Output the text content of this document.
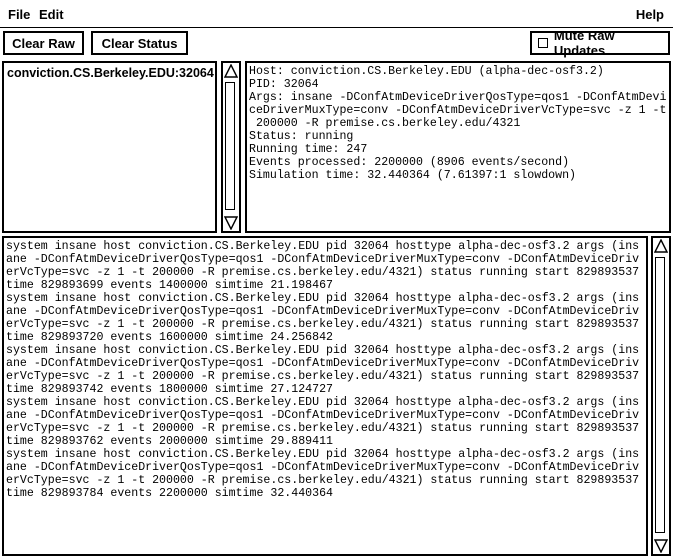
File Edit	Help
Clear Raw	Clear Status	Mute Raw Updates
conviction.CS.Berkeley.EDU:32064	Host: conviction.CS.Berkeley.EDU (alpha-dec-osf3.2)
PID: 32064
Args: insane -DConfAtmDeviceDriverQosType=qos1 -DConfAtmDevi
ceDriverMuxType=conv -DConfAtmDeviceDriverVcType=svc -z 1 -t
200000 -R premise.cs.berkeley.edu/4321
Status: running
Running time: 247
Events processed: 2200000 (8906 events/second)
Simulation time: 32.440364 (7.61397:1 slowdown)
system insane host conviction.CS.Berkeley.EDU pid 32064 hosttype alpha-dec-osf3.2 args (ins
ane -DConfAtmDeviceDriverQosType=qos1 -DConfAtmDeviceDriverMuxType=conv -DConfAtmDeviceDriv
erVcType=svc -z 1 -t 200000 -R premise.cs.berkeley.edu/4321) status running start 829893537
time 829893699 events 1400000 simtime 21.198467
system insane host conviction.CS.Berkeley.EDU pid 32064 hosttype alpha-dec-osf3.2 args (ins
ane -DConfAtmDeviceDriverQosType=qos1 -DConfAtmDeviceDriverMuxType=conv -DConfAtmDeviceDriv
erVcType=svc -z 1 -t 200000 -R premise.cs.berkeley.edu/4321) status running start 829893537
time 829893720 events 1600000 simtime 24.256842
system insane host conviction.CS.Berkeley.EDU pid 32064 hosttype alpha-dec-osf3.2 args (ins
ane -DConfAtmDeviceDriverQosType=qos1 -DConfAtmDeviceDriverMuxType=conv -DConfAtmDeviceDriv
erVcType=svc -z 1 -t 200000 -R premise.cs.berkeley.edu/4321) status running start 829893537
time 829893742 events 1800000 simtime 27.124727
system insane host conviction.CS.Berkeley.EDU pid 32064 hosttype alpha-dec-osf3.2 args (ins
ane -DConfAtmDeviceDriverQosType=qos1 -DConfAtmDeviceDriverMuxType=conv -DConfAtmDeviceDriv
erVcType=svc -z 1 -t 200000 -R premise.cs.berkeley.edu/4321) status running start 829893537
time 829893762 events 2000000 simtime 29.889411
system insane host conviction.CS.Berkeley.EDU pid 32064 hosttype alpha-dec-osf3.2 args (ins
ane -DConfAtmDeviceDriverQosType=qos1 -DConfAtmDeviceDriverMuxType=conv -DConfAtmDeviceDriv
erVcType=svc -z 1 -t 200000 -R premise.cs.berkeley.edu/4321) status running start 829893537
time 829893784 events 2200000 simtime 32.440364
